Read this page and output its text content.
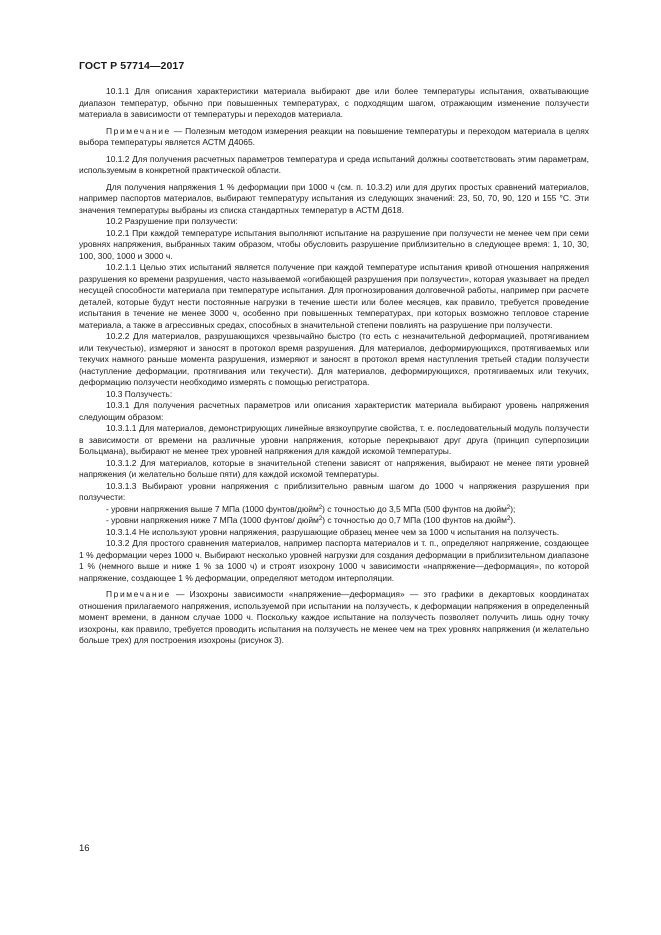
ГОСТ Р 57714—2017

10.1.1 Для описания характеристики материала выбирают две или более температуры испытания, охватывающие диапазон температур, обычно при повышенных температурах, с подходящим шагом, отражающим изменение ползучести материала в зависимости от температуры и переходов материала.

Примечание — Полезным методом измерения реакции на повышение температуры и переходом материала в целях выбора температуры является АСТМ Д4065.

10.1.2 Для получения расчетных параметров температура и среда испытаний должны соответствовать этим параметрам, используемым в конкретной практической области.

Для получения напряжения 1 % деформации при 1000 ч (см. п. 10.3.2) или для других простых сравнений материалов, например паспортов материалов, выбирают температуру испытания из следующих значений: 23, 50, 70, 90, 120 и 155 °С. Эти значения температуры выбраны из списка стандартных температур в АСТМ Д618.

10.2 Разрушение при ползучести:

10.2.1 При каждой температуре испытания выполняют испытание на разрушение при ползучести не менее чем при семи уровнях напряжения, выбранных таким образом, чтобы обусловить разрушение приблизительно в следующее время: 1, 10, 30, 100, 300, 1000 и 3000 ч.

10.2.1.1 Целью этих испытаний является получение при каждой температуре испытания кривой отношения напряжения разрушения ко времени разрушения, часто называемой «огибающей разрушения при ползучести», которая указывает на предел несущей способности материала при температуре испытания. Для прогнозирования долговечной работы, например при расчете деталей, которые будут нести постоянные нагрузки в течение шести или более месяцев, как правило, требуется проведение испытания в течение не менее 3000 ч, особенно при повышенных температурах, при которых возможно тепловое старение материала, а также в агрессивных средах, способных в значительной степени повлиять на разрушение при ползучести.

10.2.2 Для материалов, разрушающихся чрезвычайно быстро (то есть с незначительной деформацией, протягиванием или текучестью), измеряют и заносят в протокол время разрушения. Для материалов, деформирующихся, протягиваемых или текучих намного раньше момента разрушения, измеряют и заносят в протокол время наступления третьей стадии ползучести (наступление деформации, протягивания или текучести). Для материалов, деформирующихся, протягиваемых или текучих, деформацию ползучести необходимо измерять с помощью регистратора.

10.3 Ползучесть:

10.3.1 Для получения расчетных параметров или описания характеристик материала выбирают уровень напряжения следующим образом:

10.3.1.1 Для материалов, демонстрирующих линейные вязкоупругие свойства, т. е. последовательный модуль ползучести в зависимости от времени на различные уровни напряжения, которые перекрывают друг друга (принцип суперпозиции Больцмана), выбирают не менее трех уровней напряжения для каждой искомой температуры.

10.3.1.2 Для материалов, которые в значительной степени зависят от напряжения, выбирают не менее пяти уровней напряжения (и желательно больше пяти) для каждой искомой температуры.

10.3.1.3 Выбирают уровни напряжения с приблизительно равным шагом до 1000 ч напряжения разрушения при ползучести:

- уровни напряжения выше 7 МПа (1000 фунтов/дюйм$^2$) с точностью до 3,5 МПа (500 фунтов на дюйм$^2$);

- уровни напряжения ниже 7 МПа (1000 фунтов/ дюйм$^2$) с точностью до 0,7 МПа (100 фунтов на дюйм$^2$).

10.3.1.4 Не используют уровни напряжения, разрушающие образец менее чем за 1000 ч испытания на ползучесть.

10.3.2 Для простого сравнения материалов, например паспорта материалов и т. п., определяют напряжение, создающее 1 % деформации через 1000 ч. Выбирают несколько уровней нагрузки для создания деформации в приблизительном диапазоне 1 % (немного выше и ниже 1 % за 1000 ч) и строят изохрону 1000 ч зависимости «напряжение—деформация», по которой напряжение, создающее 1 % деформации, определяют методом интерполяции.

Примечание — Изохроны зависимости «напряжение—деформация» — это графики в декартовых координатах отношения прилагаемого напряжения, используемой при испытании на ползучесть, к деформации напряжения в определенный момент времени, в данном случае 1000 ч. Поскольку каждое испытание на ползучесть позволяет получить лишь одну точку изохроны, как правило, требуется проводить испытания на ползучесть не менее чем на трех уровнях напряжения (и желательно больше трех) для построения изохроны (рисунок 3).

16
